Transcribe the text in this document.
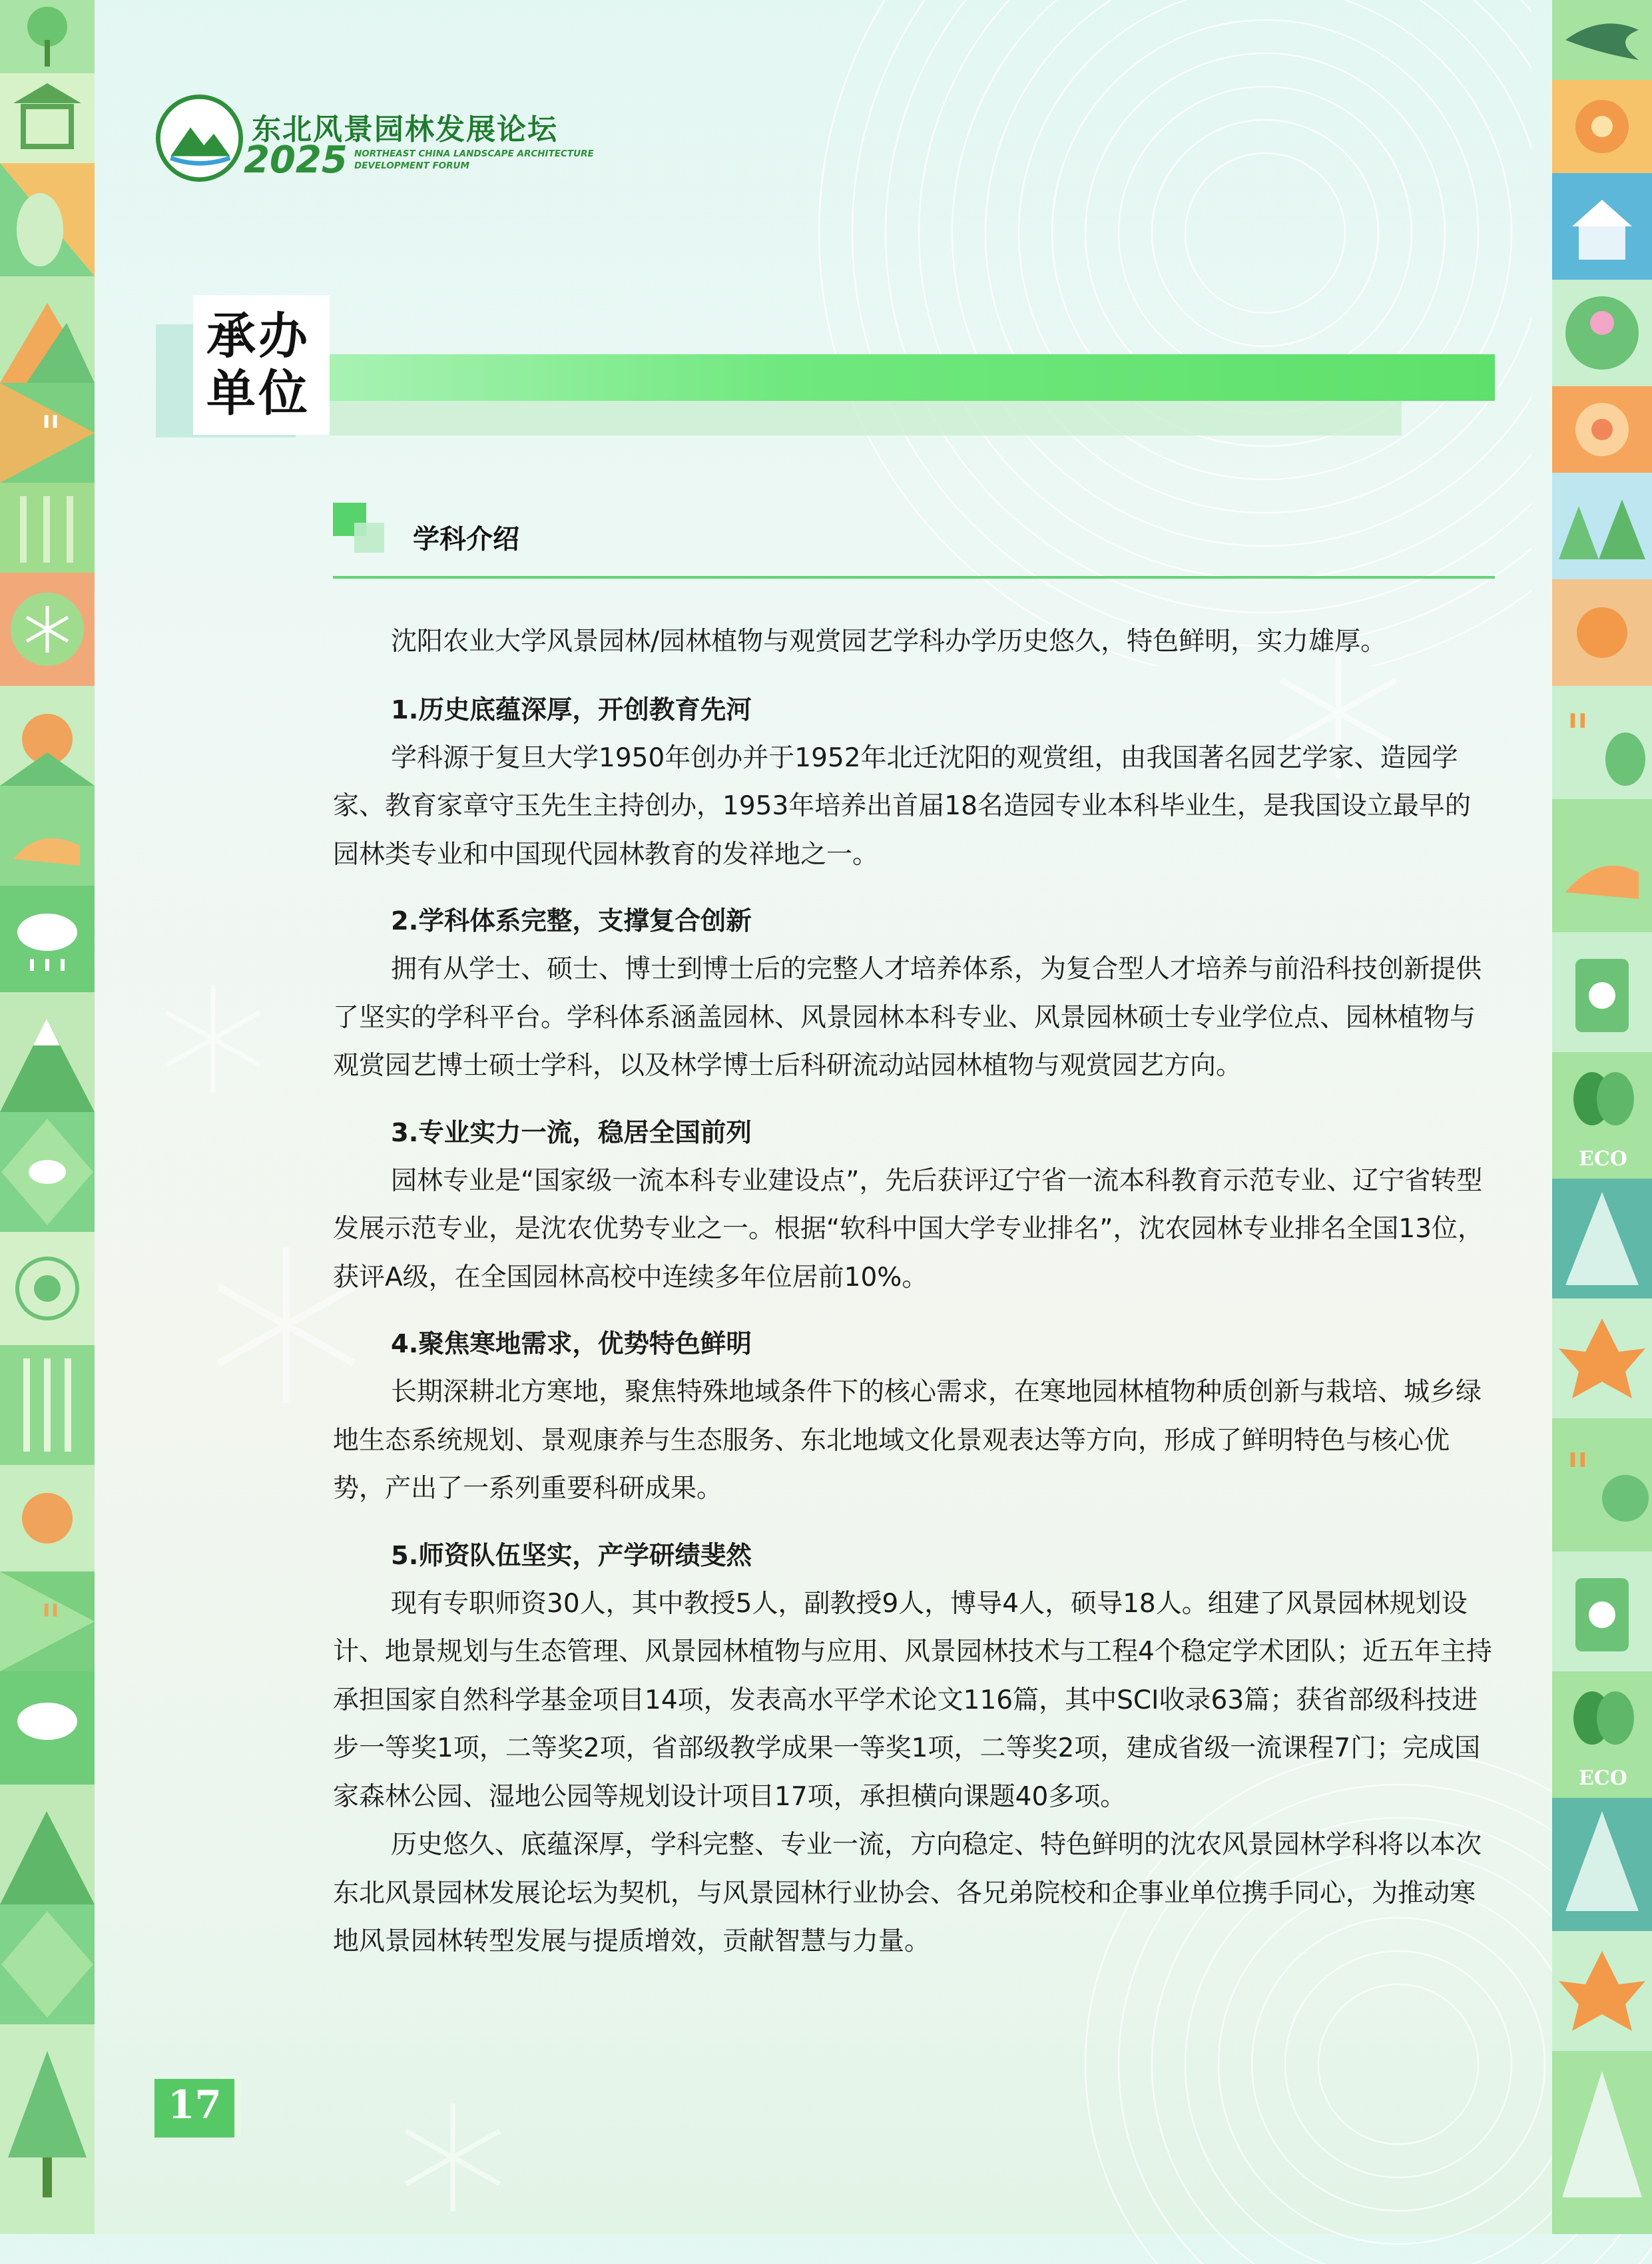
"
"
"
ECO
"
ECO
东北风景园林发展论坛
2025 NORTHEAST CHINA LANDSCAPE ARCHITECTURE
DEVELOPMENT FORUM
承办
单位
学科介绍

沈阳农业大学风景园林/园林植物与观赏园艺学科办学历史悠久，特色鲜明，实力雄厚。

1.历史底蕴深厚，开创教育先河

学科源于复旦大学1950年创办并于1952年北迁沈阳的观赏组，由我国著名园艺学家、造园学家、教育家章守玉先生主持创办，1953年培养出首届18名造园专业本科毕业生，是我国设立最早的园林类专业和中国现代园林教育的发祥地之一。

2.学科体系完整，支撑复合创新

拥有从学士、硕士、博士到博士后的完整人才培养体系，为复合型人才培养与前沿科技创新提供了坚实的学科平台。学科体系涵盖园林、风景园林本科专业、风景园林硕士专业学位点、园林植物与观赏园艺博士硕士学科，以及林学博士后科研流动站园林植物与观赏园艺方向。

3.专业实力一流，稳居全国前列

园林专业是“国家级一流本科专业建设点”，先后获评辽宁省一流本科教育示范专业、辽宁省转型发展示范专业，是沈农优势专业之一。根据“软科中国大学专业排名”，沈农园林专业排名全国13位，获评A级，在全国园林高校中连续多年位居前10%。

4.聚焦寒地需求，优势特色鲜明

长期深耕北方寒地，聚焦特殊地域条件下的核心需求，在寒地园林植物种质创新与栽培、城乡绿地生态系统规划、景观康养与生态服务、东北地域文化景观表达等方向，形成了鲜明特色与核心优势，产出了一系列重要科研成果。

5.师资队伍坚实，产学研绩斐然

现有专职师资30人，其中教授5人，副教授9人，博导4人，硕导18人。组建了风景园林规划设计、地景规划与生态管理、风景园林植物与应用、风景园林技术与工程4个稳定学术团队；近五年主持承担国家自然科学基金项目14项，发表高水平学术论文116篇，其中SCI收录63篇；获省部级科技进步一等奖1项，二等奖2项，省部级教学成果一等奖1项，二等奖2项，建成省级一流课程7门；完成国家森林公园、湿地公园等规划设计项目17项，承担横向课题40多项。

历史悠久、底蕴深厚，学科完整、专业一流，方向稳定、特色鲜明的沈农风景园林学科将以本次东北风景园林发展论坛为契机，与风景园林行业协会、各兄弟院校和企事业单位携手同心，为推动寒地风景园林转型发展与提质增效，贡献智慧与力量。

17
